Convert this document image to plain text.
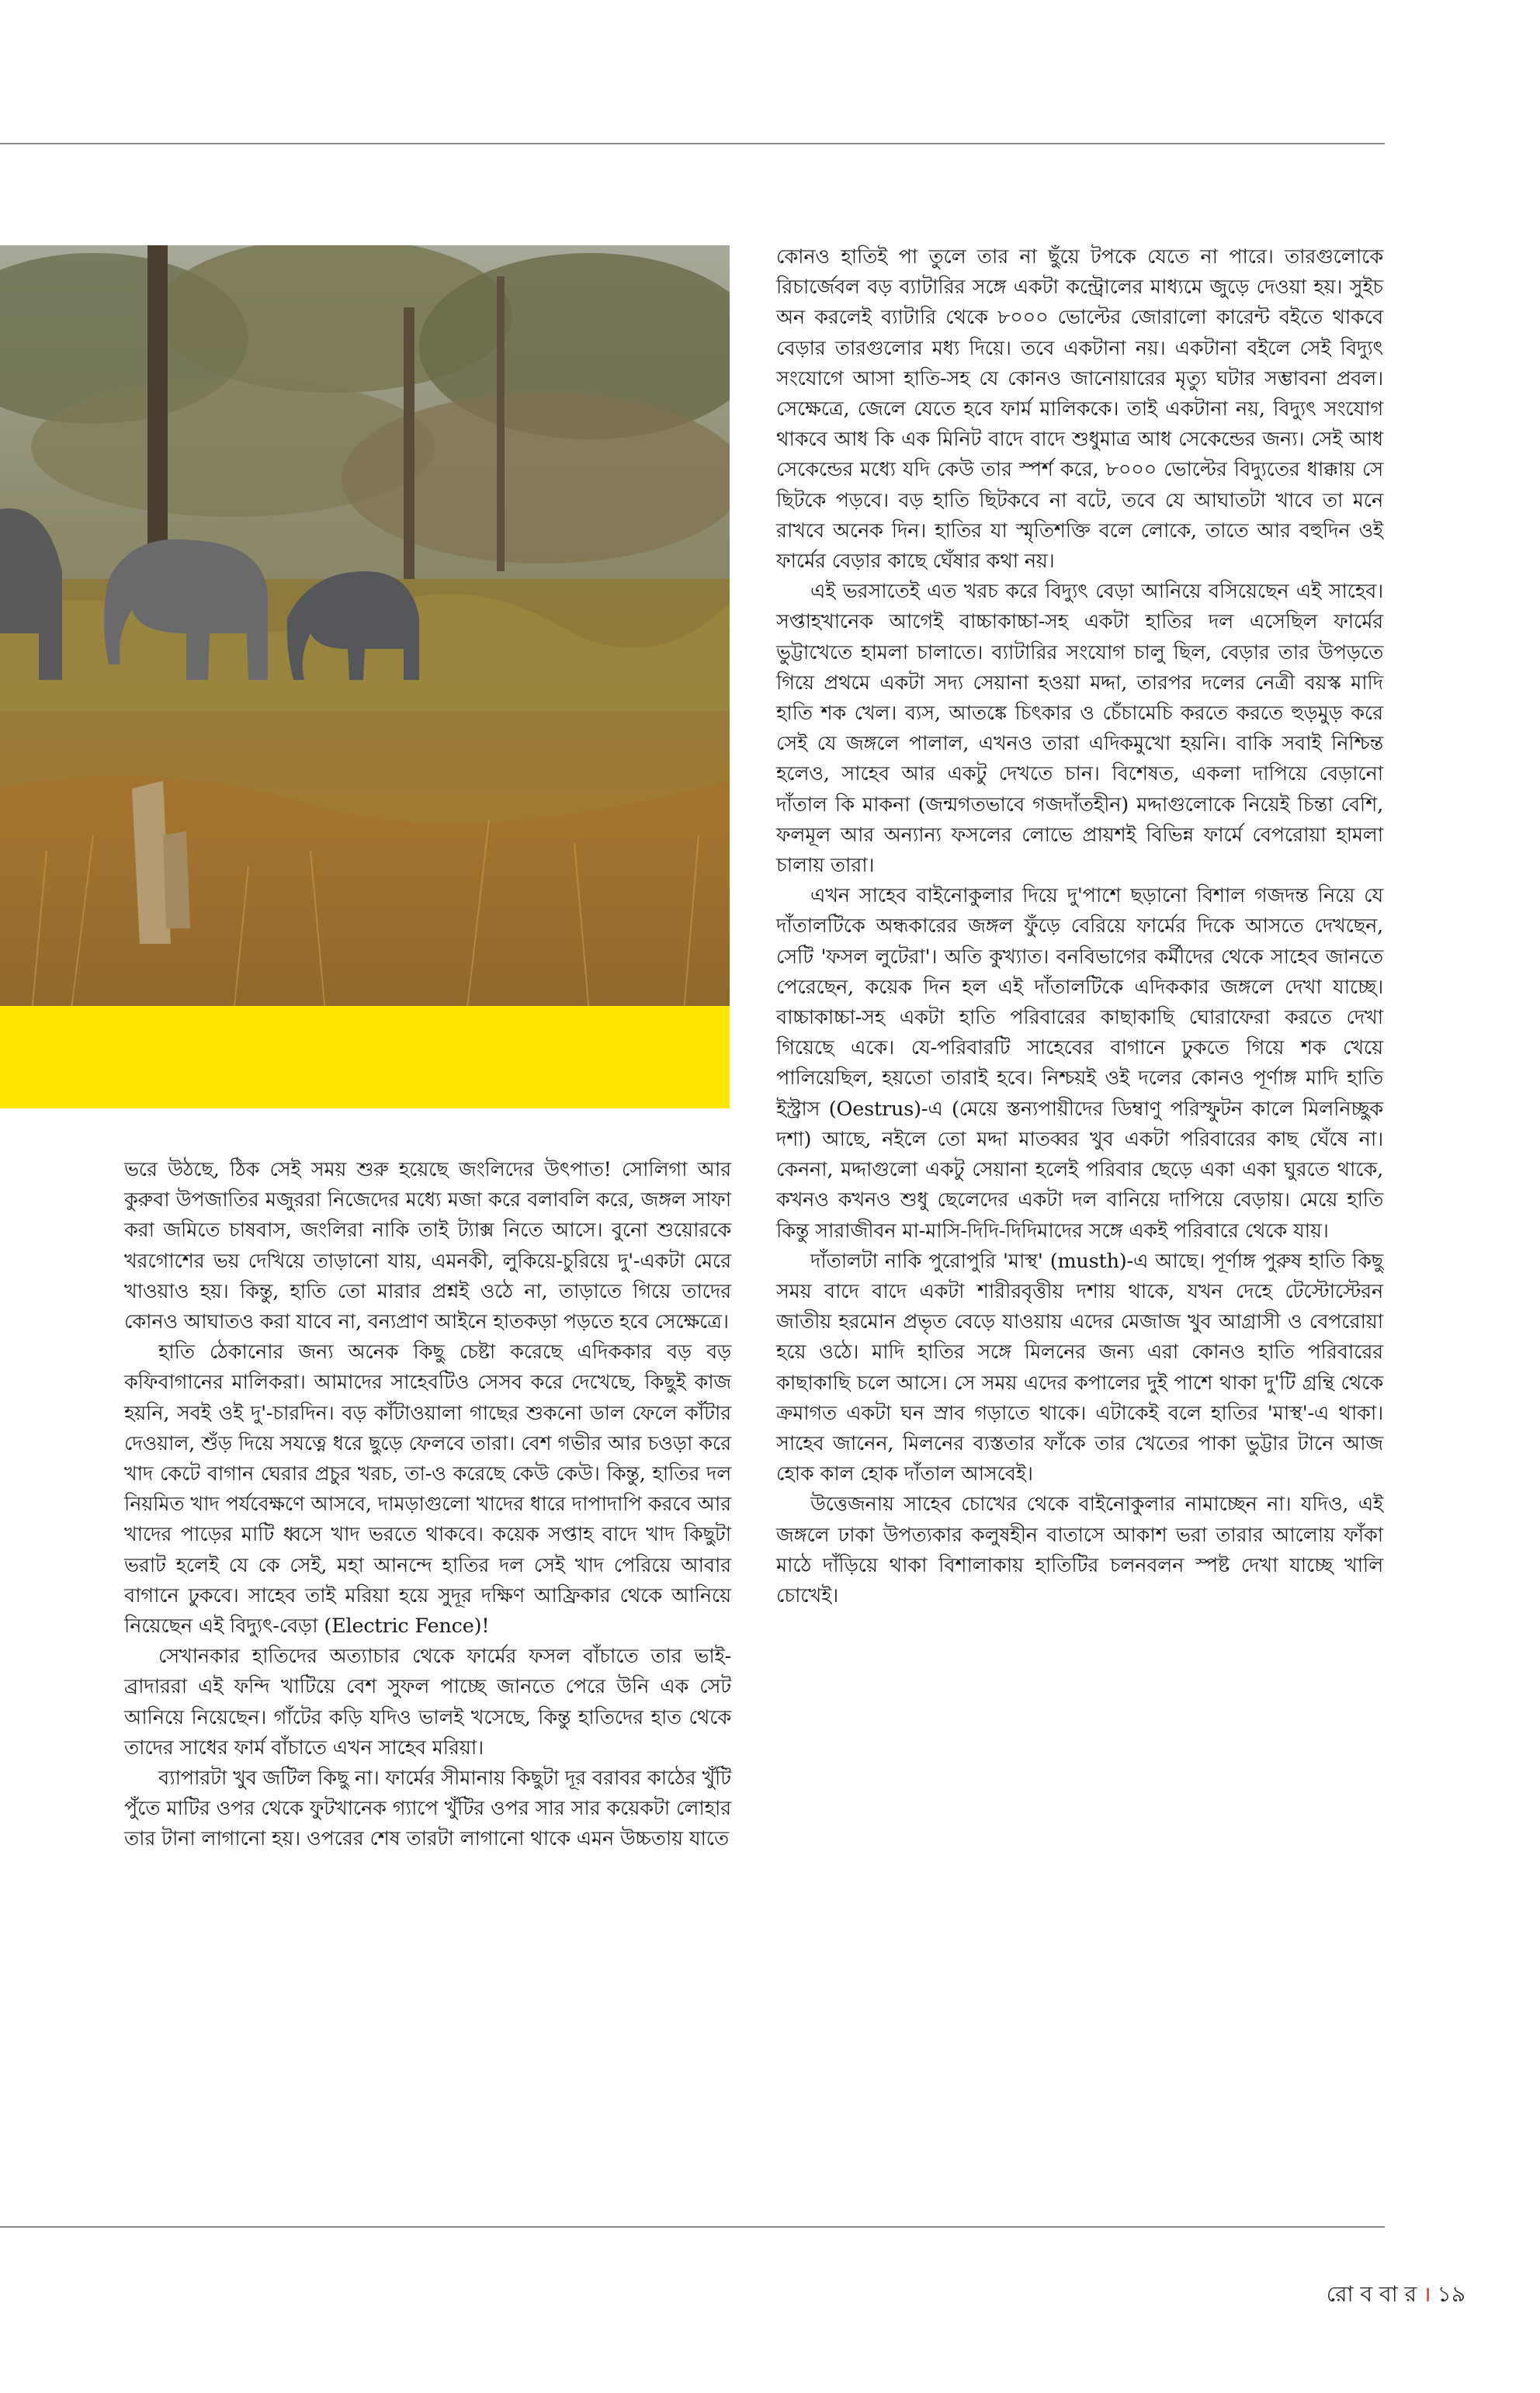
কোনও হাতিই পা তুলে তার না ছুঁয়ে টপকে যেতে না পারে। তারগুলোকে রিচার্জেবল বড় ব্যাটারির সঙ্গে একটা কন্ট্রোলের মাধ্যমে জুড়ে দেওয়া হয়। সুইচ অন করলেই ব্যাটারি থেকে ৮০০০ ভোল্টের জোরালো কারেন্ট বইতে থাকবে বেড়ার তারগুলোর মধ্য দিয়ে। তবে একটানা নয়। একটানা বইলে সেই বিদ্যুৎ সংযোগে আসা হাতি-সহ যে কোনও জানোয়ারের মৃত্যু ঘটার সম্ভাবনা প্রবল। সেক্ষেত্রে, জেলে যেতে হবে ফার্ম মালিককে। তাই একটানা নয়, বিদ্যুৎ সংযোগ থাকবে আধ কি এক মিনিট বাদে বাদে শুধুমাত্র আধ সেকেন্ডের জন্য। সেই আধ সেকেন্ডের মধ্যে যদি কেউ তার স্পর্শ করে, ৮০০০ ভোল্টের বিদ্যুতের ধাক্কায় সে ছিটকে পড়বে। বড় হাতি ছিটকবে না বটে, তবে যে আঘাতটা খাবে তা মনে রাখবে অনেক দিন। হাতির যা স্মৃতিশক্তি বলে লোকে, তাতে আর বহুদিন ওই ফার্মের বেড়ার কাছে ঘেঁষার কথা নয়।

এই ভরসাতেই এত খরচ করে বিদ্যুৎ বেড়া আনিয়ে বসিয়েছেন এই সাহেব। সপ্তাহখানেক আগেই বাচ্চাকাচ্চা-সহ একটা হাতির দল এসেছিল ফার্মের ভুট্টাখেতে হামলা চালাতে। ব্যাটারির সংযোগ চালু ছিল, বেড়ার তার উপড়তে গিয়ে প্রথমে একটা সদ্য সেয়ানা হওয়া মদ্দা, তারপর দলের নেত্রী বয়স্ক মাদি হাতি শক খেল। ব্যস, আতঙ্কে চিৎকার ও চেঁচামেচি করতে করতে হুড়মুড় করে সেই যে জঙ্গলে পালাল, এখনও তারা এদিকমুখো হয়নি। বাকি সবাই নিশ্চিন্ত হলেও, সাহেব আর একটু দেখতে চান। বিশেষত, একলা দাপিয়ে বেড়ানো দাঁতাল কি মাকনা (জন্মগতভাবে গজদাঁতহীন) মদ্দাগুলোকে নিয়েই চিন্তা বেশি, ফলমূল আর অন্যান্য ফসলের লোভে প্রায়শই বিভিন্ন ফার্মে বেপরোয়া হামলা চালায় তারা।

এখন সাহেব বাইনোকুলার দিয়ে দু'পাশে ছড়ানো বিশাল গজদন্ত নিয়ে যে দাঁতালটিকে অন্ধকারের জঙ্গল ফুঁড়ে বেরিয়ে ফার্মের দিকে আসতে দেখছেন, সেটি 'ফসল লুটেরা'। অতি কুখ্যাত। বনবিভাগের কর্মীদের থেকে সাহেব জানতে পেরেছেন, কয়েক দিন হল এই দাঁতালটিকে এদিককার জঙ্গলে দেখা যাচ্ছে। বাচ্চাকাচ্চা-সহ একটা হাতি পরিবারের কাছাকাছি ঘোরাফেরা করতে দেখা গিয়েছে একে। যে-পরিবারটি সাহেবের বাগানে ঢুকতে গিয়ে শক খেয়ে পালিয়েছিল, হয়তো তারাই হবে। নিশ্চয়ই ওই দলের কোনও পূর্ণাঙ্গ মাদি হাতি ইস্ট্রাস (Oestrus)-এ (মেয়ে স্তন্যপায়ীদের ডিম্বাণু পরিস্ফুটন কালে মিলনিচ্ছুক দশা) আছে, নইলে তো মদ্দা মাতব্বর খুব একটা পরিবারের কাছ ঘেঁষে না। কেননা, মদ্দাগুলো একটু সেয়ানা হলেই পরিবার ছেড়ে একা একা ঘুরতে থাকে, কখনও কখনও শুধু ছেলেদের একটা দল বানিয়ে দাপিয়ে বেড়ায়। মেয়ে হাতি কিন্তু সারাজীবন মা-মাসি-দিদি-দিদিমাদের সঙ্গে একই পরিবারে থেকে যায়।

দাঁতালটা নাকি পুরোপুরি 'মাস্থ' (musth)-এ আছে। পূর্ণাঙ্গ পুরুষ হাতি কিছু সময় বাদে বাদে একটা শারীরবৃত্তীয় দশায় থাকে, যখন দেহে টেস্টোস্টেরন জাতীয় হরমোন প্রভৃত বেড়ে যাওয়ায় এদের মেজাজ খুব আগ্রাসী ও বেপরোয়া হয়ে ওঠে। মাদি হাতির সঙ্গে মিলনের জন্য এরা কোনও হাতি পরিবারের কাছাকাছি চলে আসে। সে সময় এদের কপালের দুই পাশে থাকা দু'টি গ্রন্থি থেকে ক্রমাগত একটা ঘন স্রাব গড়াতে থাকে। এটাকেই বলে হাতির 'মাস্থ'-এ থাকা। সাহেব জানেন, মিলনের ব্যস্ততার ফাঁকে তার খেতের পাকা ভুট্টার টানে আজ হোক কাল হোক দাঁতাল আসবেই।

উত্তেজনায় সাহেব চোখের থেকে বাইনোকুলার নামাচ্ছেন না। যদিও, এই জঙ্গলে ঢাকা উপত্যকার কলুষহীন বাতাসে আকাশ ভরা তারার আলোয় ফাঁকা মাঠে দাঁড়িয়ে থাকা বিশালাকায় হাতিটির চলনবলন স্পষ্ট দেখা যাচ্ছে খালি চোখেই।

ভরে উঠছে, ঠিক সেই সময় শুরু হয়েছে জংলিদের উৎপাত! সোলিগা আর কুরুবা উপজাতির মজুররা নিজেদের মধ্যে মজা করে বলাবলি করে, জঙ্গল সাফা করা জমিতে চাষবাস, জংলিরা নাকি তাই ট্যাক্স নিতে আসে। বুনো শুয়োরকে খরগোশের ভয় দেখিয়ে তাড়ানো যায়, এমনকী, লুকিয়ে-চুরিয়ে দু'-একটা মেরে খাওয়াও হয়। কিন্তু, হাতি তো মারার প্রশ্নই ওঠে না, তাড়াতে গিয়ে তাদের কোনও আঘাতও করা যাবে না, বন্যপ্রাণ আইনে হাতকড়া পড়তে হবে সেক্ষেত্রে।

হাতি ঠেকানোর জন্য অনেক কিছু চেষ্টা করেছে এদিককার বড় বড় কফিবাগানের মালিকরা। আমাদের সাহেবটিও সেসব করে দেখেছে, কিছুই কাজ হয়নি, সবই ওই দু'-চারদিন। বড় কাঁটাওয়ালা গাছের শুকনো ডাল ফেলে কাঁটার দেওয়াল, শুঁড় দিয়ে সযত্নে ধরে ছুড়ে ফেলবে তারা। বেশ গভীর আর চওড়া করে খাদ কেটে বাগান ঘেরার প্রচুর খরচ, তা-ও করেছে কেউ কেউ। কিন্তু, হাতির দল নিয়মিত খাদ পর্যবেক্ষণে আসবে, দামড়াগুলো খাদের ধারে দাপাদাপি করবে আর খাদের পাড়ের মাটি ধ্বসে খাদ ভরতে থাকবে। কয়েক সপ্তাহ বাদে খাদ কিছুটা ভরাট হলেই যে কে সেই, মহা আনন্দে হাতির দল সেই খাদ পেরিয়ে আবার বাগানে ঢুকবে। সাহেব তাই মরিয়া হয়ে সুদূর দক্ষিণ আফ্রিকার থেকে আনিয়ে নিয়েছেন এই বিদ্যুৎ-বেড়া (Electric Fence)!

সেখানকার হাতিদের অত্যাচার থেকে ফার্মের ফসল বাঁচাতে তার ভাই-ব্রাদাররা এই ফন্দি খাটিয়ে বেশ সুফল পাচ্ছে জানতে পেরে উনি এক সেট আনিয়ে নিয়েছেন। গাঁটের কড়ি যদিও ভালই খসেছে, কিন্তু হাতিদের হাত থেকে তাদের সাধের ফার্ম বাঁচাতে এখন সাহেব মরিয়া।

ব্যাপারটা খুব জটিল কিছু না। ফার্মের সীমানায় কিছুটা দূর বরাবর কাঠের খুঁটি পুঁতে মাটির ওপর থেকে ফুটখানেক গ্যাপে খুঁটির ওপর সার সার কয়েকটা লোহার তার টানা লাগানো হয়। ওপরের শেষ তারটা লাগানো থাকে এমন উচ্চতায় যাতে

রো ব বা র । ১৯
